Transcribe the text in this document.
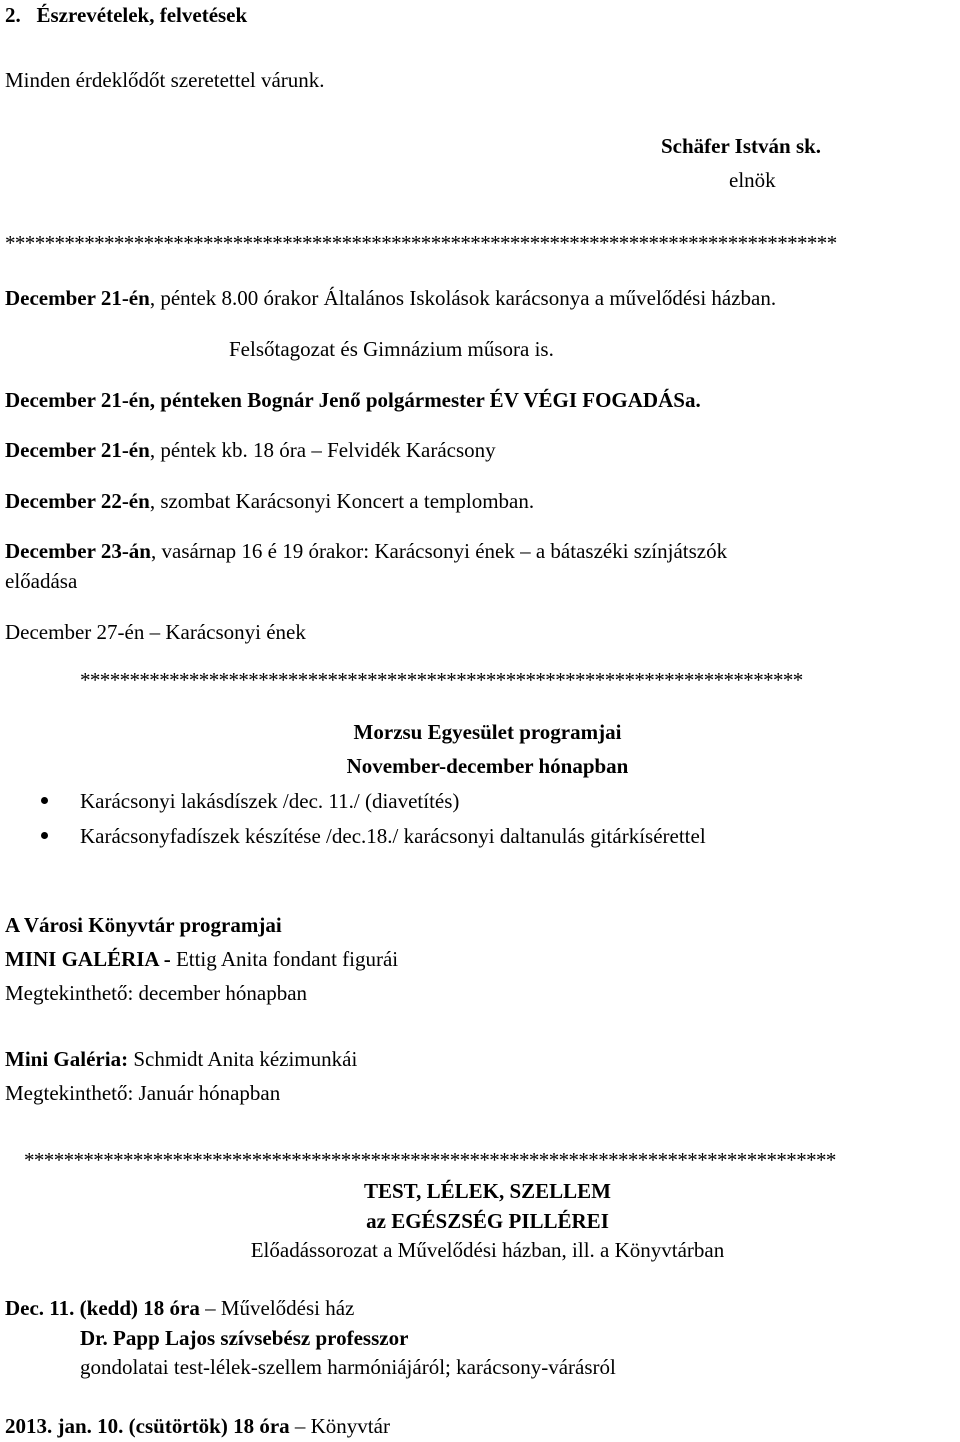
2. Észrevételek, felvetések
Minden érdeklődőt szeretettel várunk.
Schäfer István sk.
elnök
************************************************************************************
December 21-én, péntek 8.00 órakor Általános Iskolások karácsonya a művelődési házban.
Felsőtagozat és Gimnázium műsora is.
December 21-én, pénteken Bognár Jenő polgármester ÉV VÉGI FOGADÁSa.
December 21-én, péntek kb. 18 óra – Felvidék Karácsony
December 22-én, szombat Karácsonyi Koncert a templomban.
December 23-án, vasárnap 16 é 19 órakor: Karácsonyi ének – a bátaszéki színjátszók
előadása
December 27-én – Karácsonyi ének
*************************************************************************
Morzsu Egyesület programjai
November-december hónapban
Karácsonyi lakásdíszek /dec. 11./ (diavetítés)
Karácsonyfadíszek készítése /dec.18./ karácsonyi daltanulás gitárkísérettel
A Városi Könyvtár programjai
MINI GALÉRIA - Ettig Anita fondant figurái
Megtekinthető: december hónapban
Mini Galéria: Schmidt Anita kézimunkái
Megtekinthető: Január hónapban
**********************************************************************************
TEST, LÉLEK, SZELLEM
az EGÉSZSÉG PILLÉREI
Előadássorozat a Művelődési házban, ill. a Könyvtárban
Dec. 11. (kedd) 18 óra – Művelődési ház
Dr. Papp Lajos szívsebész professzor
gondolatai test-lélek-szellem harmóniájáról; karácsony-várásról
2013. jan. 10. (csütörtök) 18 óra – Könyvtár
